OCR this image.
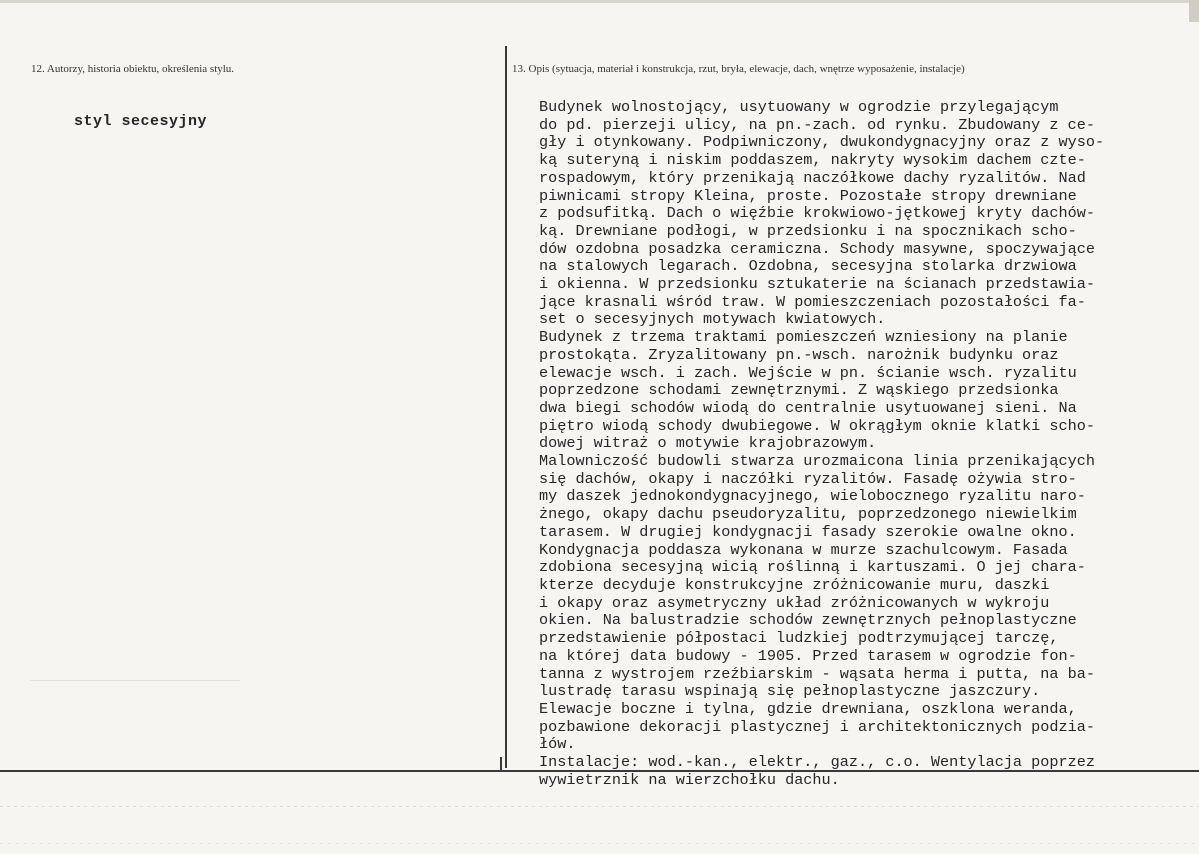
12. Autorzy, historia obiektu, określenia stylu.	13. Opis (sytuacja, materiał i konstrukcja, rzut, bryła, elewacje, dach, wnętrze wyposażenie, instalacje)
styl secesyjny
Budynek wolnostojący, usytuowany w ogrodzie przylegającym
do pd. pierzeji ulicy, na pn.-zach. od rynku. Zbudowany z ce-
gły i otynkowany. Podpiwniczony, dwukondygnacyjny oraz z wyso-
ką suteryną i niskim poddaszem, nakryty wysokim dachem czte-
rospadowym, który przenikają naczółkowe dachy ryzalitów. Nad
piwnicami stropy Kleina, proste. Pozostałe stropy drewniane
z podsufitką. Dach o więźbie krokwiowo-jętkowej kryty dachów-
ką. Drewniane podłogi, w przedsionku i na spocznikach scho-
dów ozdobna posadzka ceramiczna. Schody masywne, spoczywające
na stalowych legarach. Ozdobna, secesyjna stolarka drzwiowa
i okienna. W przedsionku sztukaterie na ścianach przedstawia-
jące krasnali wśród traw. W pomieszczeniach pozostałości fa-
set o secesyjnych motywach kwiatowych.
Budynek z trzema traktami pomieszczeń wzniesiony na planie
prostokąta. Zryzalitowany pn.-wsch. narożnik budynku oraz
elewacje wsch. i zach. Wejście w pn. ścianie wsch. ryzalitu
poprzedzone schodami zewnętrznymi. Z wąskiego przedsionka
dwa biegi schodów wiodą do centralnie usytuowanej sieni. Na
piętro wiodą schody dwubiegowe. W okrągłym oknie klatki scho-
dowej witraż o motywie krajobrazowym.
Malowniczość budowli stwarza urozmaicona linia przenikających
się dachów, okapy i naczółki ryzalitów. Fasadę ożywia stro-
my daszek jednokondygnacyjnego, wielobocznego ryzalitu naro-
żnego, okapy dachu pseudoryzalitu, poprzedzonego niewielkim
tarasem. W drugiej kondygnacji fasady szerokie owalne okno.
Kondygnacja poddasza wykonana w murze szachulcowym. Fasada
zdobiona secesyjną wicią roślinną i kartuszami. O jej chara-
kterze decyduje konstrukcyjne zróżnicowanie muru, daszki
i okapy oraz asymetryczny układ zróżnicowanych w wykroju
okien. Na balustradzie schodów zewnętrznych pełnoplastyczne
przedstawienie półpostaci ludzkiej podtrzymującej tarczę,
na której data budowy - 1905. Przed tarasem w ogrodzie fon-
tanna z wystrojem rzeźbiarskim - wąsata herma i putta, na ba-
lustradę tarasu wspinają się pełnoplastyczne jaszczury.
Elewacje boczne i tylna, gdzie drewniana, oszklona weranda,
pozbawione dekoracji plastycznej i architektonicznych podzia-
łów.
Instalacje: wod.-kan., elektr., gaz., c.o. Wentylacja poprzez
wywietrznik na wierzchołku dachu.
